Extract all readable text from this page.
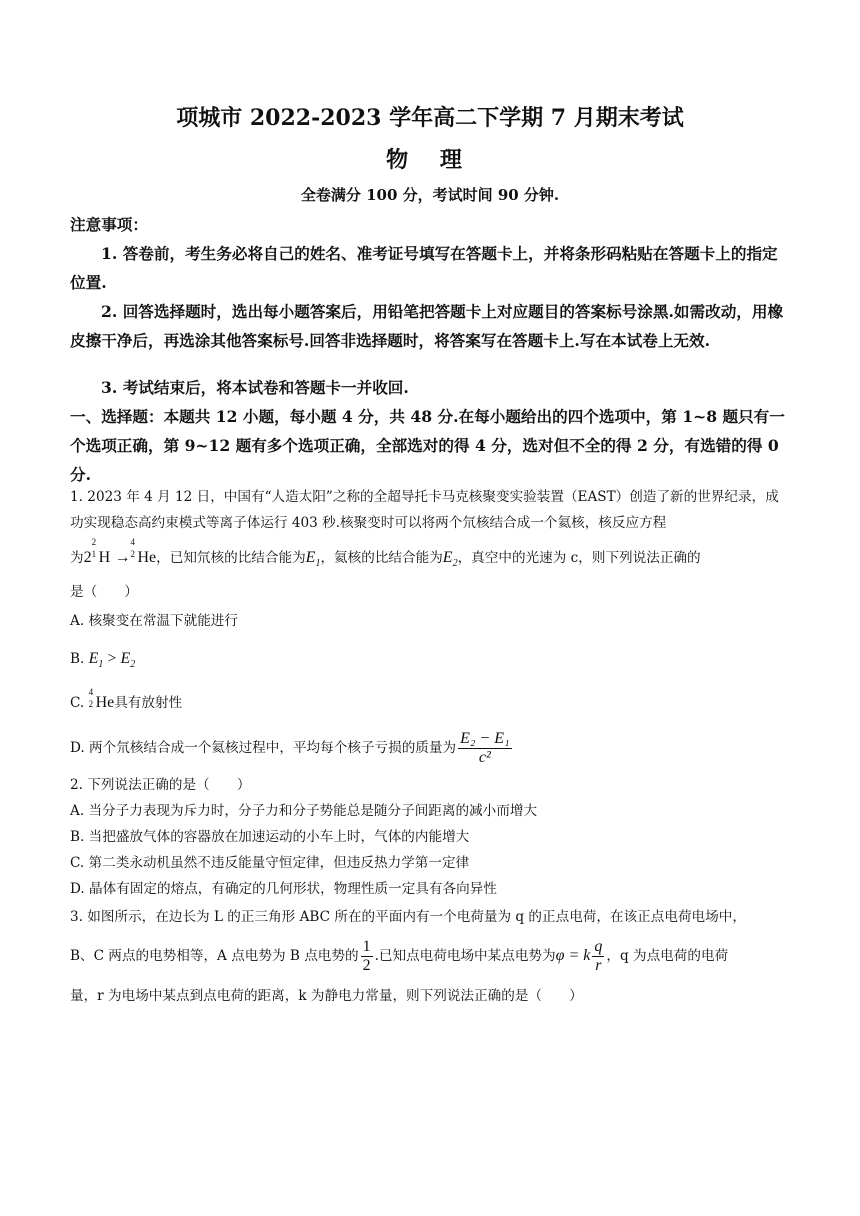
项城市 2022-2023 学年高二下学期 7 月期末考试
物 理
全卷满分 100 分，考试时间 90 分钟.
注意事项：
1. 答卷前，考生务必将自己的姓名、准考证号填写在答题卡上，并将条形码粘贴在答题卡上的指定位置.
2. 回答选择题时，选出每小题答案后，用铅笔把答题卡上对应题目的答案标号涂黑.如需改动，用橡皮擦干净后，再选涂其他答案标号.回答非选择题时，将答案写在答题卡上.写在本试卷上无效.
3. 考试结束后，将本试卷和答题卡一并收回.
一、选择题：本题共 12 小题，每小题 4 分，共 48 分.在每小题给出的四个选项中，第 1~8 题只有一个选项正确，第 9~12 题有多个选项正确，全部选对的得 4 分，选对但不全的得 2 分，有选错的得 0 分.
1. 2023 年 4 月 12 日，中国有“人造太阳”之称的全超导托卡马克核聚变实验装置（EAST）创造了新的世界纪录，成功实现稳态高约束模式等离子体运行 403 秒.核聚变时可以将两个氘核结合成一个氦核，核反应方程
为2
2
1 H →
4
2 He，已知氘核的比结合能为$E_1$，氦核的比结合能为$E_2$，真空中的光速为 c，则下列说法正确的
是（　　）
A. 核聚变在常温下就能进行
B. $E_1 > E_2$
C.
4
2 He具有放射性
D. 两个氘核结合成一个氦核过程中，平均每个核子亏损的质量为 $\frac{\text{E₂ − E₁}}{\text{c²}}$
2. 下列说法正确的是（　　）
A. 当分子力表现为斥力时，分子力和分子势能总是随分子间距离的减小而增大
B. 当把盛放气体的容器放在加速运动的小车上时，气体的内能增大
C. 第二类永动机虽然不违反能量守恒定律，但违反热力学第一定律
D. 晶体有固定的熔点，有确定的几何形状，物理性质一定具有各向异性
3. 如图所示，在边长为 L 的正三角形 ABC 所在的平面内有一个电荷量为 q 的正点电荷，在该正点电荷电场中，
B、C 两点的电势相等，A 点电势为 B 点电势的 $\frac{1}{2}$ .已知点电荷电场中某点电势为φ = k $\frac{q}{r}$ ，q 为点电荷的电荷
量，r 为电场中某点到点电荷的距离，k 为静电力常量，则下列说法正确的是（　　）
